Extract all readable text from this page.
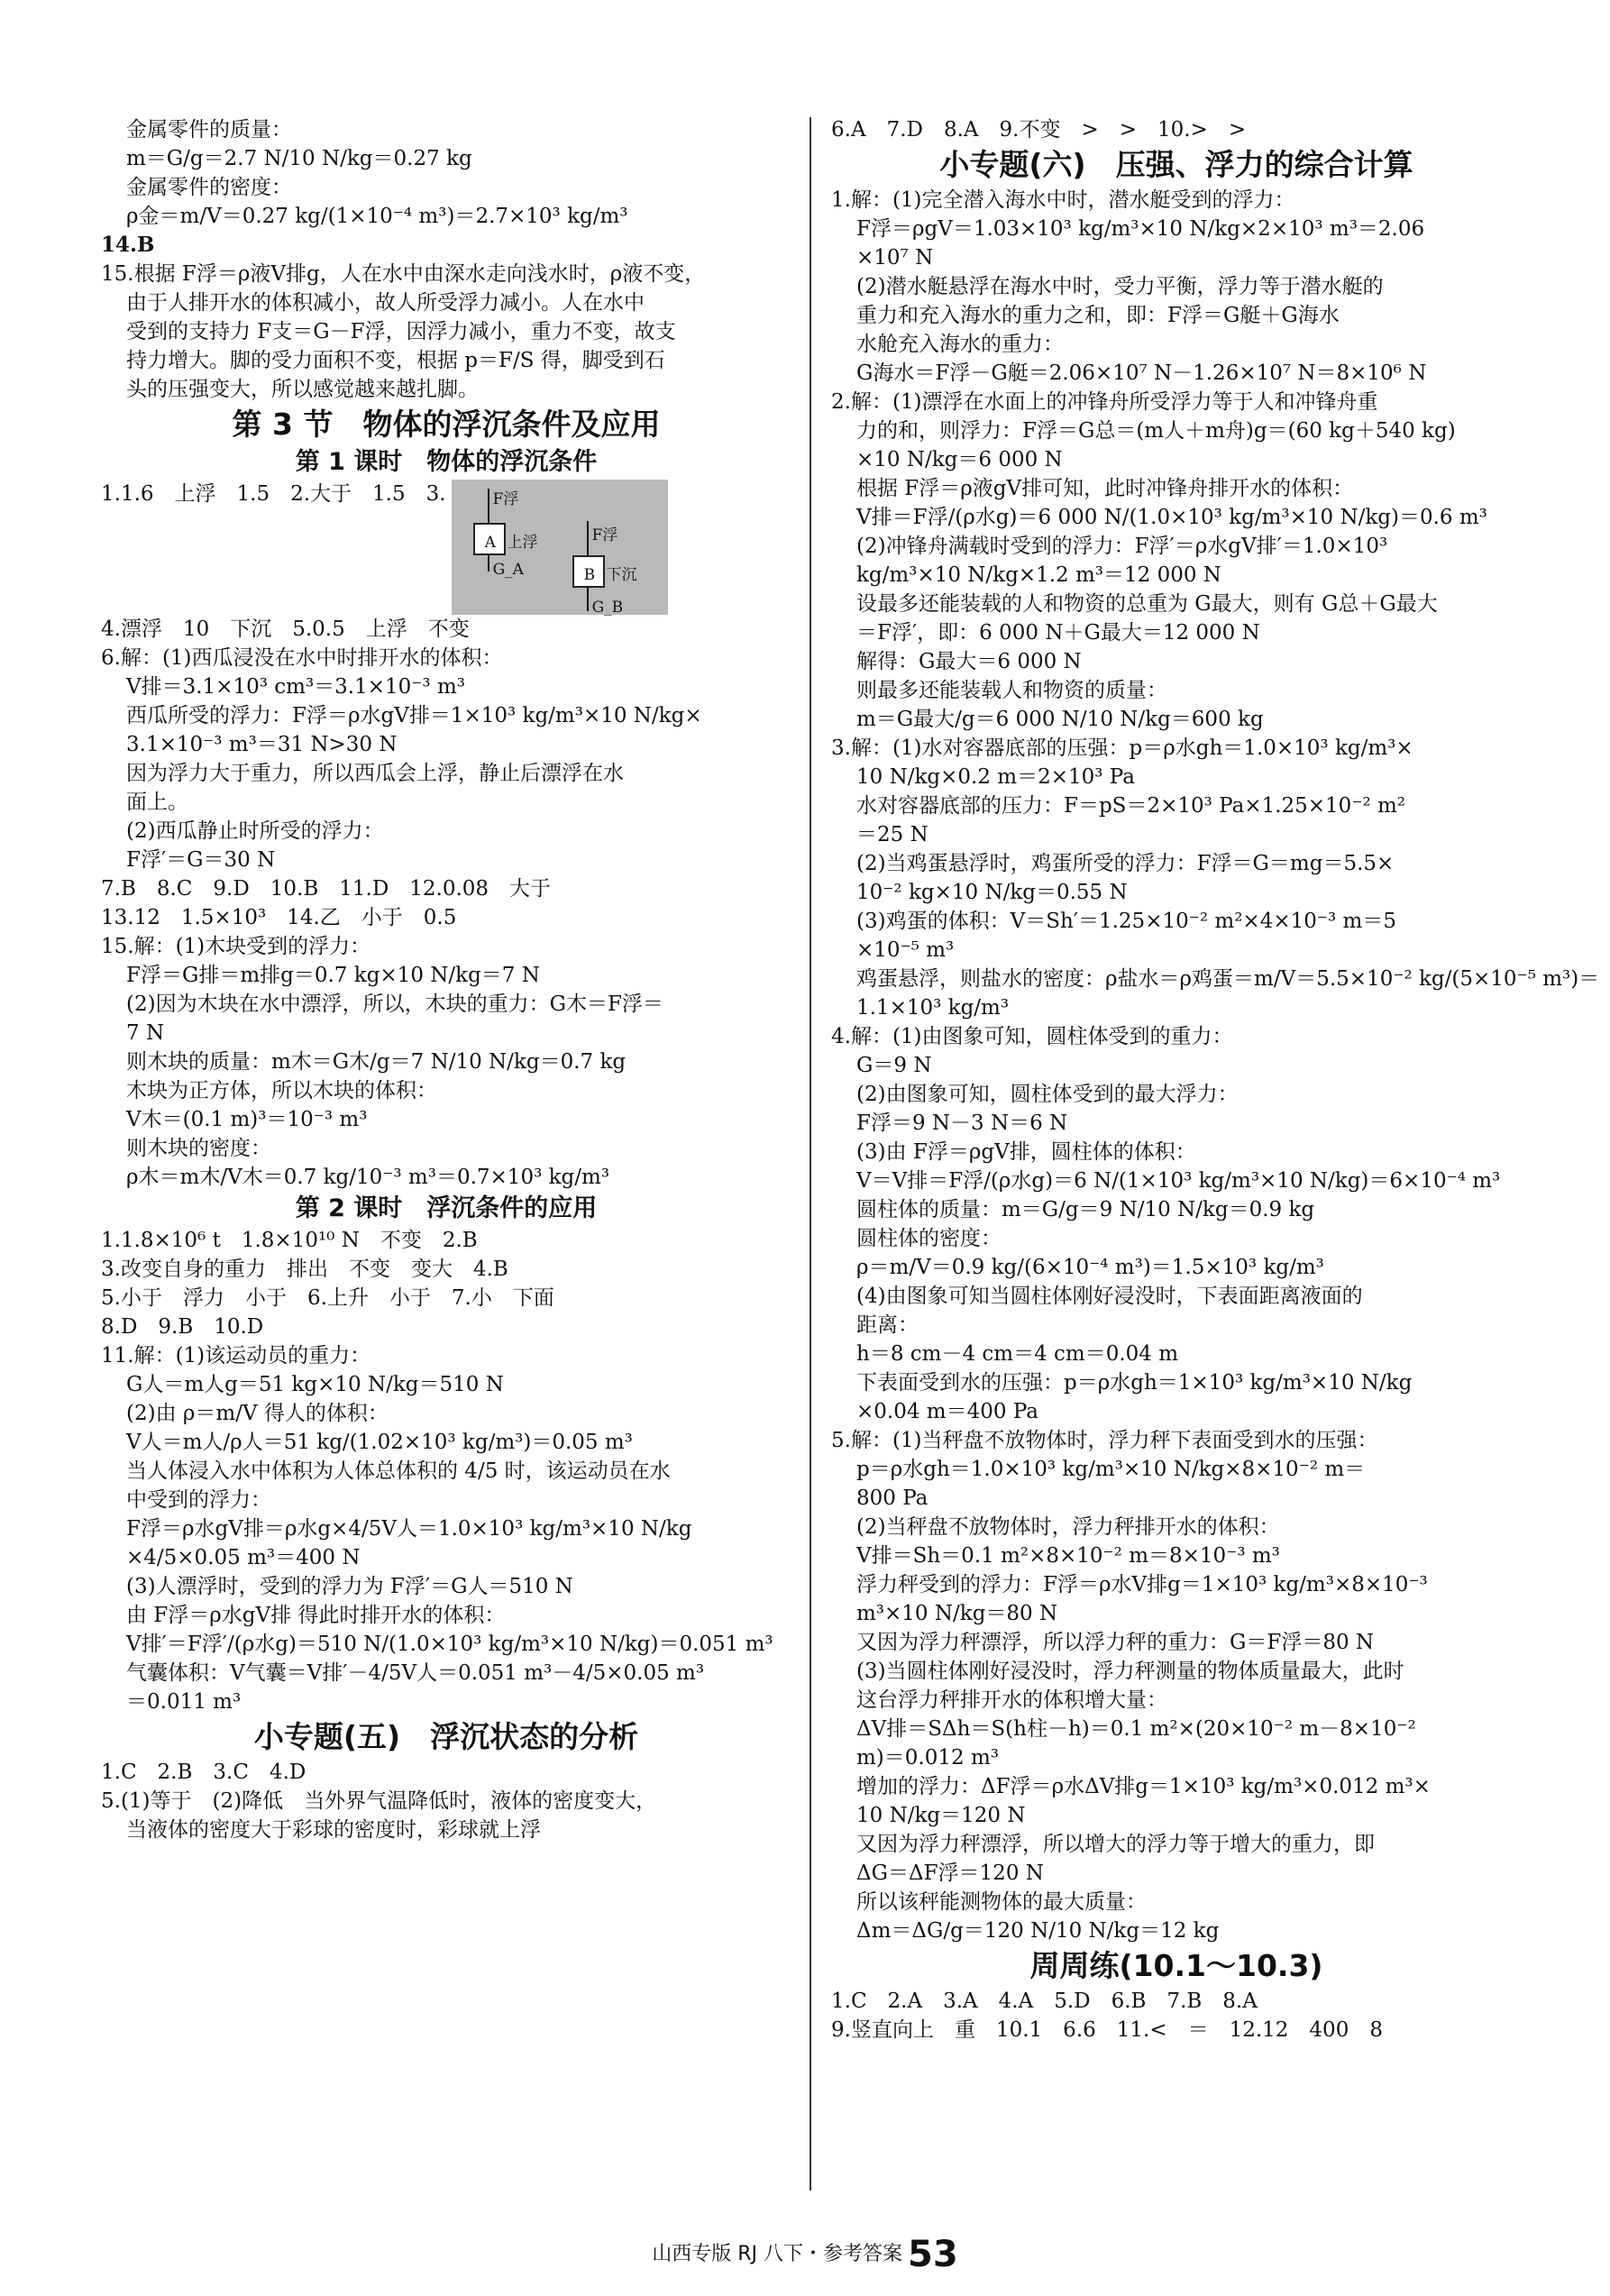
金属零件的质量：
m＝G/g＝2.7 N/10 N/kg＝0.27 kg
金属零件的密度：
ρ金＝m/V＝0.27 kg/(1×10⁻⁴ m³)＝2.7×10³ kg/m³
14.B
15.根据 F浮＝ρ液V排g，人在水中由深水走向浅水时，ρ液不变，
由于人排开水的体积减小，故人所受浮力减小。人在水中
受到的支持力 F支＝G－F浮，因浮力减小，重力不变，故支
持力增大。脚的受力面积不变，根据 p＝F/S 得，脚受到石
头的压强变大，所以感觉越来越扎脚。
第 3 节　物体的浮沉条件及应用
第 1 课时　物体的浮沉条件
1.1.6　上浮　1.5　2.大于　1.5　3.

	F浮

A

上浮

G_A

F浮

B

下沉

G_B

4.漂浮　10　下沉　5.0.5　上浮　不变
6.解：(1)西瓜浸没在水中时排开水的体积：
V排＝3.1×10³ cm³＝3.1×10⁻³ m³
西瓜所受的浮力：F浮＝ρ水gV排＝1×10³ kg/m³×10 N/kg×
3.1×10⁻³ m³＝31 N>30 N
因为浮力大于重力，所以西瓜会上浮，静止后漂浮在水
面上。
(2)西瓜静止时所受的浮力：
F浮′＝G＝30 N
7.B　8.C　9.D　10.B　11.D　12.0.08　大于
13.12　1.5×10³　14.乙　小于　0.5
15.解：(1)木块受到的浮力：
F浮＝G排＝m排g＝0.7 kg×10 N/kg＝7 N
(2)因为木块在水中漂浮，所以，木块的重力：G木＝F浮＝
7 N
则木块的质量：m木＝G木/g＝7 N/10 N/kg＝0.7 kg
木块为正方体，所以木块的体积：
V木＝(0.1 m)³＝10⁻³ m³
则木块的密度：
ρ木＝m木/V木＝0.7 kg/10⁻³ m³＝0.7×10³ kg/m³
第 2 课时　浮沉条件的应用
1.1.8×10⁶ t　1.8×10¹⁰ N　不变　2.B
3.改变自身的重力　排出　不变　变大　4.B
5.小于　浮力　小于　6.上升　小于　7.小　下面
8.D　9.B　10.D
11.解：(1)该运动员的重力：
G人＝m人g＝51 kg×10 N/kg＝510 N
(2)由 ρ＝m/V 得人的体积：
V人＝m人/ρ人＝51 kg/(1.02×10³ kg/m³)＝0.05 m³
当人体浸入水中体积为人体总体积的 4/5 时，该运动员在水
中受到的浮力：
F浮＝ρ水gV排＝ρ水g×4/5V人＝1.0×10³ kg/m³×10 N/kg
×4/5×0.05 m³＝400 N
(3)人漂浮时，受到的浮力为 F浮′＝G人＝510 N
由 F浮＝ρ水gV排 得此时排开水的体积：
V排′＝F浮′/(ρ水g)＝510 N/(1.0×10³ kg/m³×10 N/kg)＝0.051 m³
气囊体积：V气囊＝V排′－4/5V人＝0.051 m³－4/5×0.05 m³
＝0.011 m³
小专题(五)　浮沉状态的分析
1.C　2.B　3.C　4.D
5.(1)等于　(2)降低　当外界气温降低时，液体的密度变大，
当液体的密度大于彩球的密度时，彩球就上浮
6.A　7.D　8.A　9.不变　>　>　10.>　>
小专题(六)　压强、浮力的综合计算
1.解：(1)完全潜入海水中时，潜水艇受到的浮力：
F浮＝ρgV＝1.03×10³ kg/m³×10 N/kg×2×10³ m³＝2.06
×10⁷ N
(2)潜水艇悬浮在海水中时，受力平衡，浮力等于潜水艇的
重力和充入海水的重力之和，即：F浮＝G艇＋G海水
水舱充入海水的重力：
G海水＝F浮－G艇＝2.06×10⁷ N－1.26×10⁷ N＝8×10⁶ N
2.解：(1)漂浮在水面上的冲锋舟所受浮力等于人和冲锋舟重
力的和，则浮力：F浮＝G总＝(m人＋m舟)g＝(60 kg＋540 kg)
×10 N/kg＝6 000 N
根据 F浮＝ρ液gV排可知，此时冲锋舟排开水的体积：
V排＝F浮/(ρ水g)＝6 000 N/(1.0×10³ kg/m³×10 N/kg)＝0.6 m³
(2)冲锋舟满载时受到的浮力：F浮′＝ρ水gV排′＝1.0×10³
kg/m³×10 N/kg×1.2 m³＝12 000 N
设最多还能装载的人和物资的总重为 G最大，则有 G总＋G最大
＝F浮′，即：6 000 N＋G最大＝12 000 N
解得：G最大＝6 000 N
则最多还能装载人和物资的质量：
m＝G最大/g＝6 000 N/10 N/kg＝600 kg
3.解：(1)水对容器底部的压强：p＝ρ水gh＝1.0×10³ kg/m³×
10 N/kg×0.2 m＝2×10³ Pa
水对容器底部的压力：F＝pS＝2×10³ Pa×1.25×10⁻² m²
＝25 N
(2)当鸡蛋悬浮时，鸡蛋所受的浮力：F浮＝G＝mg＝5.5×
10⁻² kg×10 N/kg＝0.55 N
(3)鸡蛋的体积：V＝Sh′＝1.25×10⁻² m²×4×10⁻³ m＝5
×10⁻⁵ m³
鸡蛋悬浮，则盐水的密度：ρ盐水＝ρ鸡蛋＝m/V＝5.5×10⁻² kg/(5×10⁻⁵ m³)＝
1.1×10³ kg/m³
4.解：(1)由图象可知，圆柱体受到的重力：
G＝9 N
(2)由图象可知，圆柱体受到的最大浮力：
F浮＝9 N－3 N＝6 N
(3)由 F浮＝ρgV排，圆柱体的体积：
V＝V排＝F浮/(ρ水g)＝6 N/(1×10³ kg/m³×10 N/kg)＝6×10⁻⁴ m³
圆柱体的质量：m＝G/g＝9 N/10 N/kg＝0.9 kg
圆柱体的密度：
ρ＝m/V＝0.9 kg/(6×10⁻⁴ m³)＝1.5×10³ kg/m³
(4)由图象可知当圆柱体刚好浸没时，下表面距离液面的
距离：
h＝8 cm－4 cm＝4 cm＝0.04 m
下表面受到水的压强：p＝ρ水gh＝1×10³ kg/m³×10 N/kg
×0.04 m＝400 Pa
5.解：(1)当秤盘不放物体时，浮力秤下表面受到水的压强：
p＝ρ水gh＝1.0×10³ kg/m³×10 N/kg×8×10⁻² m＝
800 Pa
(2)当秤盘不放物体时，浮力秤排开水的体积：
V排＝Sh＝0.1 m²×8×10⁻² m＝8×10⁻³ m³
浮力秤受到的浮力：F浮＝ρ水V排g＝1×10³ kg/m³×8×10⁻³
m³×10 N/kg＝80 N
又因为浮力秤漂浮，所以浮力秤的重力：G＝F浮＝80 N
(3)当圆柱体刚好浸没时，浮力秤测量的物体质量最大，此时
这台浮力秤排开水的体积增大量：
ΔV排＝SΔh＝S(h柱－h)＝0.1 m²×(20×10⁻² m－8×10⁻²
m)＝0.012 m³
增加的浮力：ΔF浮＝ρ水ΔV排g＝1×10³ kg/m³×0.012 m³×
10 N/kg＝120 N
又因为浮力秤漂浮，所以增大的浮力等于增大的重力，即
ΔG＝ΔF浮＝120 N
所以该秤能测物体的最大质量：
Δm＝ΔG/g＝120 N/10 N/kg＝12 kg
周周练(10.1～10.3)
1.C　2.A　3.A　4.A　5.D　6.B　7.B　8.A
9.竖直向上　重　10.1　6.6　11.<　＝　12.12　400　8
山西专版 RJ 八下・参考答案 53
